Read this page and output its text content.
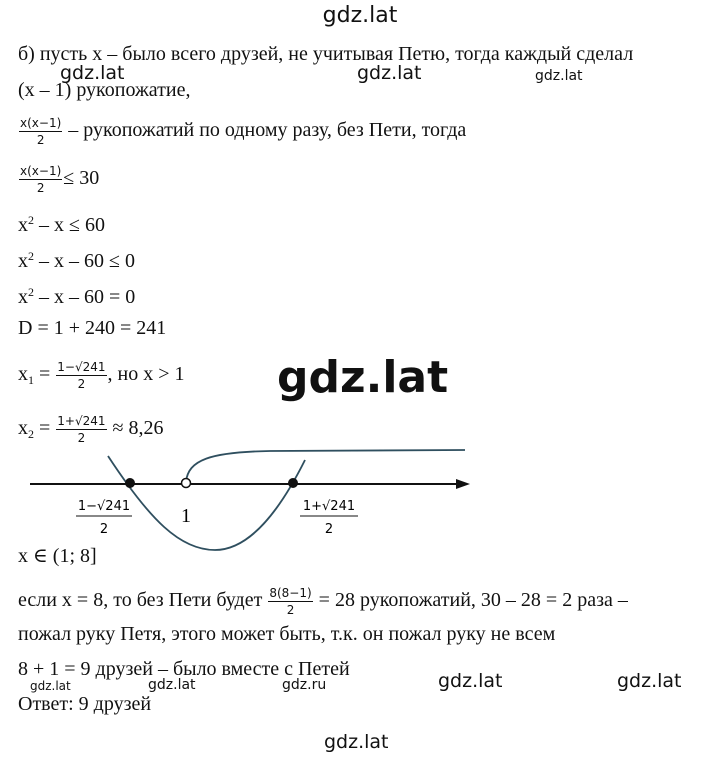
gdz.lat
gdz.lat	gdz.lat	gdz.lat
gdz.lat
gdz.lat	gdz.lat	gdz.ru	gdz.lat	gdz.lat
gdz.lat
б) пусть x – было всего друзей, не учитывая Петю, тогда каждый сделал
(x – 1) рукопожатие,
$\frac{x(x-1)}{2}$ – рукопожатий по одному разу, без Пети, тогда
$\frac{x(x-1)}{2} \le 30$
$x^2 - x \le 60$
$x^2 - x - 60 \le 0$
$x^2 - x - 60 = 0$
D = 1 + 240 = 241
$x_1 = \frac{1-√241}{2}$ , но x > 1
$x_2 = \frac{1+√241}{2} \approx 8,26$
1
1−√241
2
1+√241
2
x ∈ (1; 8]
если x = 8, то без Пети будет $\frac{8(8-1)}{2} = 28$ рукопожатий, 30 – 28 = 2 раза –
пожал руку Петя, этого может быть, т.к. он пожал руку не всем
8 + 1 = 9 друзей – было вместе с Петей
Ответ: 9 друзей
